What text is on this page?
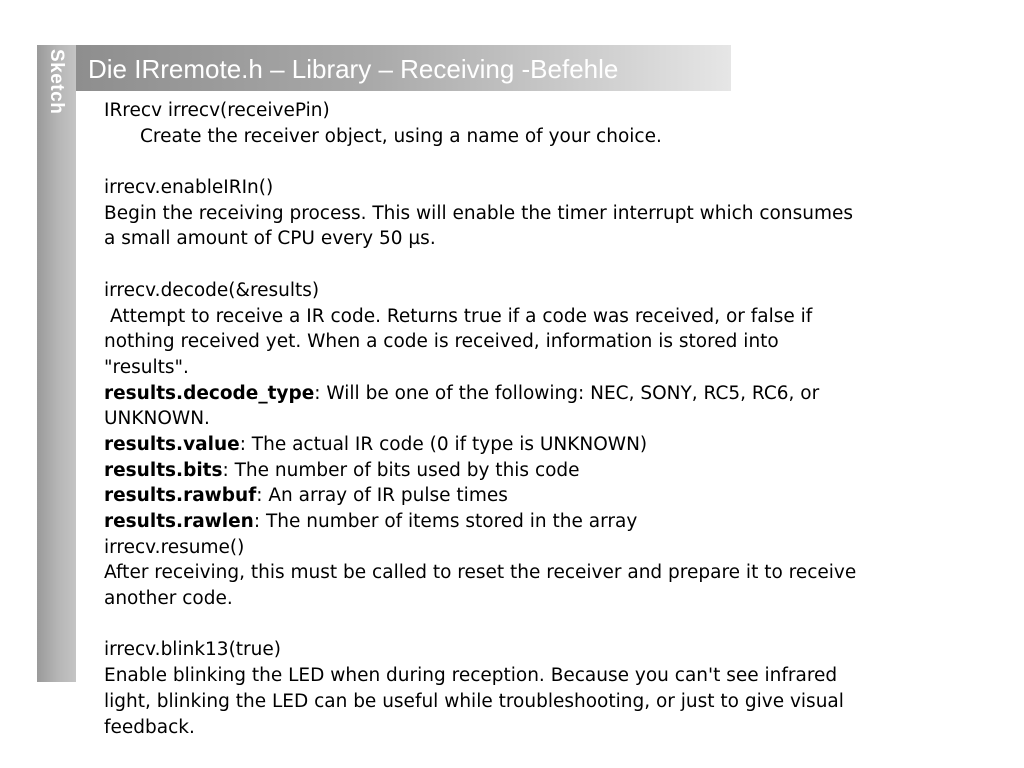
Sketch Die IRremote.h – Library – Receiving -Befehle

IRrecv irrecv(receivePin)

Create the receiver object, using a name of your choice.

irrecv.enableIRIn()

Begin the receiving process. This will enable the timer interrupt which consumes

a small amount of CPU every 50 µs.

irrecv.decode(&results)

Attempt to receive a IR code. Returns true if a code was received, or false if

nothing received yet. When a code is received, information is stored into

"results".

results.decode_type: Will be one of the following: NEC, SONY, RC5, RC6, or

UNKNOWN.

results.value: The actual IR code (0 if type is UNKNOWN)

results.bits: The number of bits used by this code

results.rawbuf: An array of IR pulse times

results.rawlen: The number of items stored in the array

irrecv.resume()

After receiving, this must be called to reset the receiver and prepare it to receive

another code.

irrecv.blink13(true)

Enable blinking the LED when during reception. Because you can't see infrared

light, blinking the LED can be useful while troubleshooting, or just to give visual

feedback.
